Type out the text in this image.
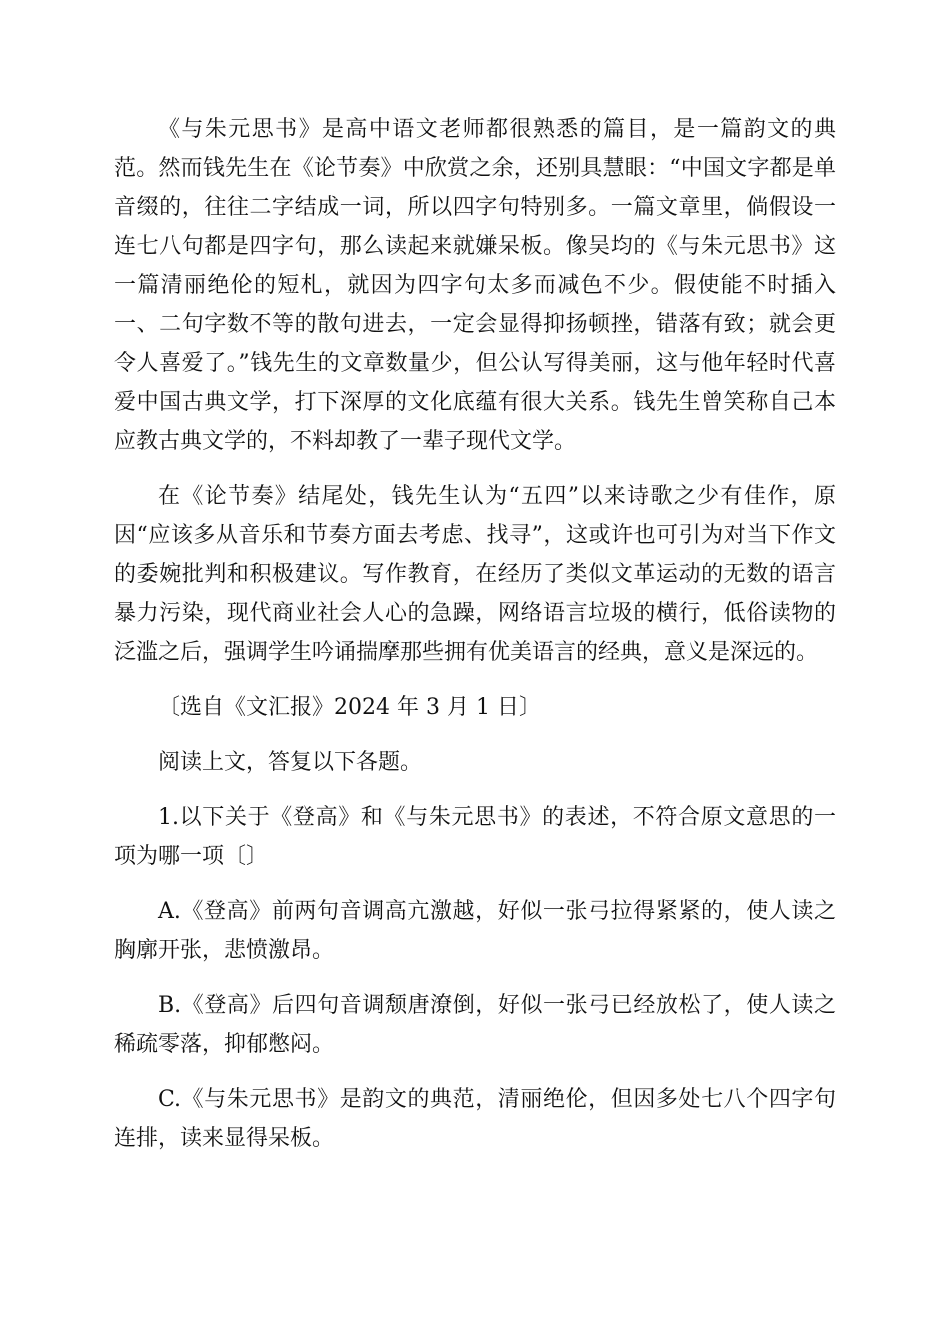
《与朱元思书》是高中语文老师都很熟悉的篇目，是一篇韵文的典范。然而钱先生在《论节奏》中欣赏之余，还别具慧眼：“中国文字都是单音缀的，往往二字结成一词，所以四字句特别多。一篇文章里，倘假设一连七八句都是四字句，那么读起来就嫌呆板。像吴均的《与朱元思书》这一篇清丽绝伦的短札，就因为四字句太多而减色不少。假使能不时插入一、二句字数不等的散句进去，一定会显得抑扬顿挫，错落有致；就会更令人喜爱了。”钱先生的文章数量少，但公认写得美丽，这与他年轻时代喜爱中国古典文学，打下深厚的文化底蕴有很大关系。钱先生曾笑称自己本应教古典文学的，不料却教了一辈子现代文学。

在《论节奏》结尾处，钱先生认为“五四”以来诗歌之少有佳作，原因“应该多从音乐和节奏方面去考虑、找寻”，这或许也可引为对当下作文的委婉批判和积极建议。写作教育，在经历了类似文革运动的无数的语言暴力污染，现代商业社会人心的急躁，网络语言垃圾的横行，低俗读物的泛滥之后，强调学生吟诵揣摩那些拥有优美语言的经典，意义是深远的。

〔选自《文汇报》2024 年 3 月 1 日〕

阅读上文，答复以下各题。

1.以下关于《登高》和《与朱元思书》的表述，不符合原文意思的一项为哪一项〔〕

A.《登高》前两句音调高亢激越，好似一张弓拉得紧紧的，使人读之胸廓开张，悲愤激昂。

B.《登高》后四句音调颓唐潦倒，好似一张弓已经放松了，使人读之稀疏零落，抑郁憋闷。

C.《与朱元思书》是韵文的典范，清丽绝伦，但因多处七八个四字句连排，读来显得呆板。
